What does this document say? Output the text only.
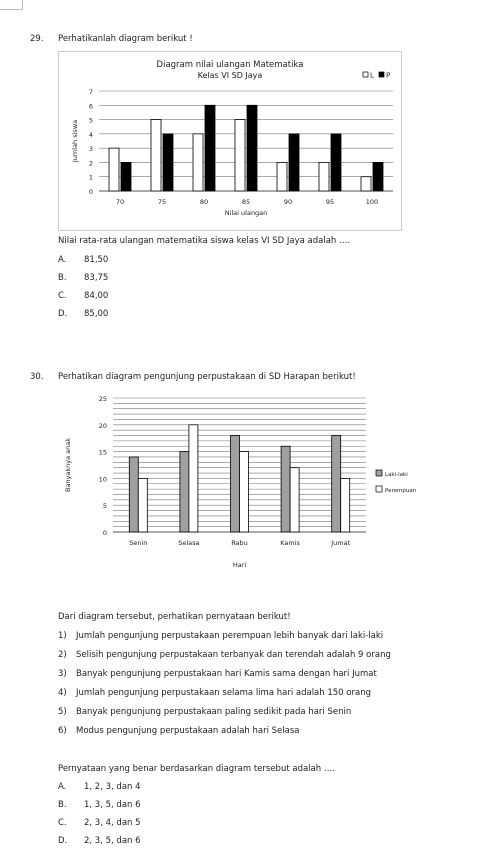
29. Perhatikanlah diagram berikut !
Diagram nilai ulangan Matematika
Kelas VI SD Jaya
0
1
2
3
4
5
6
7
70	75	80	85	90	95	100
Nilai ulangan
Jumlah siswa
L P
Nilai rata-rata ulangan matematika siswa kelas VI SD Jaya adalah ….
A. 81,50
B. 83,75
C. 84,00
D. 85,00
30. Perhatikan diagram pengunjung perpustakaan di SD Harapan berikut!
0
5
10
15
20
25
Senin	Selasa	Rabu	Kamis	Jumat
Hari
Banyaknya anak	Laki-laki
Perempuan
Dari diagram tersebut, perhatikan pernyataan berikut!
1) Jumlah pengunjung perpustakaan perempuan lebih banyak dari laki-laki
2) Selisih pengunjung perpustakaan terbanyak dan terendah adalah 9 orang
3) Banyak pengunjung perpustakaan hari Kamis sama dengan hari Jumat
4) Jumlah pengunjung perpustakaan selama lima hari adalah 150 orang
5) Banyak pengunjung perpustakaan paling sedikit pada hari Senin
6) Modus pengunjung perpustakaan adalah hari Selasa
Pernyataan yang benar berdasarkan diagram tersebut adalah ….
A. 1, 2, 3, dan 4
B. 1, 3, 5, dan 6
C. 2, 3, 4, dan 5
D. 2, 3, 5, dan 6
